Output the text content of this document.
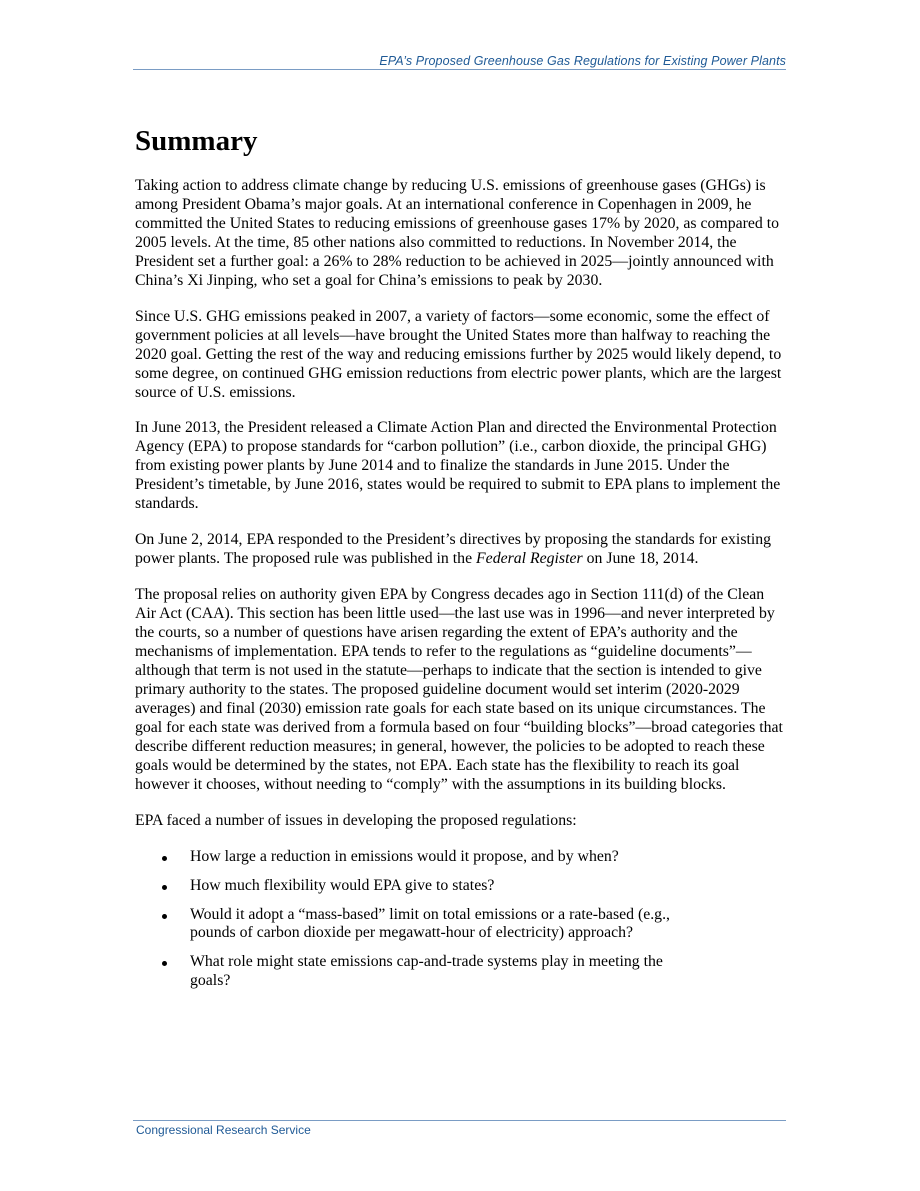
EPA’s Proposed Greenhouse Gas Regulations for Existing Power Plants
Summary

Taking action to address climate change by reducing U.S. emissions of greenhouse gases (GHGs) is among President Obama’s major goals. At an international conference in Copenhagen in 2009, he committed the United States to reducing emissions of greenhouse gases 17% by 2020, as compared to 2005 levels. At the time, 85 other nations also committed to reductions. In November 2014, the President set a further goal: a 26% to 28% reduction to be achieved in 2025—jointly announced with China’s Xi Jinping, who set a goal for China’s emissions to peak by 2030.

Since U.S. GHG emissions peaked in 2007, a variety of factors—some economic, some the effect of government policies at all levels—have brought the United States more than halfway to reaching the 2020 goal. Getting the rest of the way and reducing emissions further by 2025 would likely depend, to some degree, on continued GHG emission reductions from electric power plants, which are the largest source of U.S. emissions.

In June 2013, the President released a Climate Action Plan and directed the Environmental Protection Agency (EPA) to propose standards for “carbon pollution” (i.e., carbon dioxide, the principal GHG) from existing power plants by June 2014 and to finalize the standards in June 2015. Under the President’s timetable, by June 2016, states would be required to submit to EPA plans to implement the standards.

On June 2, 2014, EPA responded to the President’s directives by proposing the standards for existing power plants. The proposed rule was published in the Federal Register on June 18, 2014.

The proposal relies on authority given EPA by Congress decades ago in Section 111(d) of the Clean Air Act (CAA). This section has been little used—the last use was in 1996—and never interpreted by the courts, so a number of questions have arisen regarding the extent of EPA’s authority and the mechanisms of implementation. EPA tends to refer to the regulations as “guideline documents”—although that term is not used in the statute—perhaps to indicate that the section is intended to give primary authority to the states. The proposed guideline document would set interim (2020-2029 averages) and final (2030) emission rate goals for each state based on its unique circumstances. The goal for each state was derived from a formula based on four “building blocks”—broad categories that describe different reduction measures; in general, however, the policies to be adopted to reach these goals would be determined by the states, not EPA. Each state has the flexibility to reach its goal however it chooses, without needing to “comply” with the assumptions in its building blocks.

EPA faced a number of issues in developing the proposed regulations:

How large a reduction in emissions would it propose, and by when?
How much flexibility would EPA give to states?
Would it adopt a “mass-based” limit on total emissions or a rate-based (e.g.,
pounds of carbon dioxide per megawatt-hour of electricity) approach?
What role might state emissions cap-and-trade systems play in meeting the
goals?
Congressional Research Service
